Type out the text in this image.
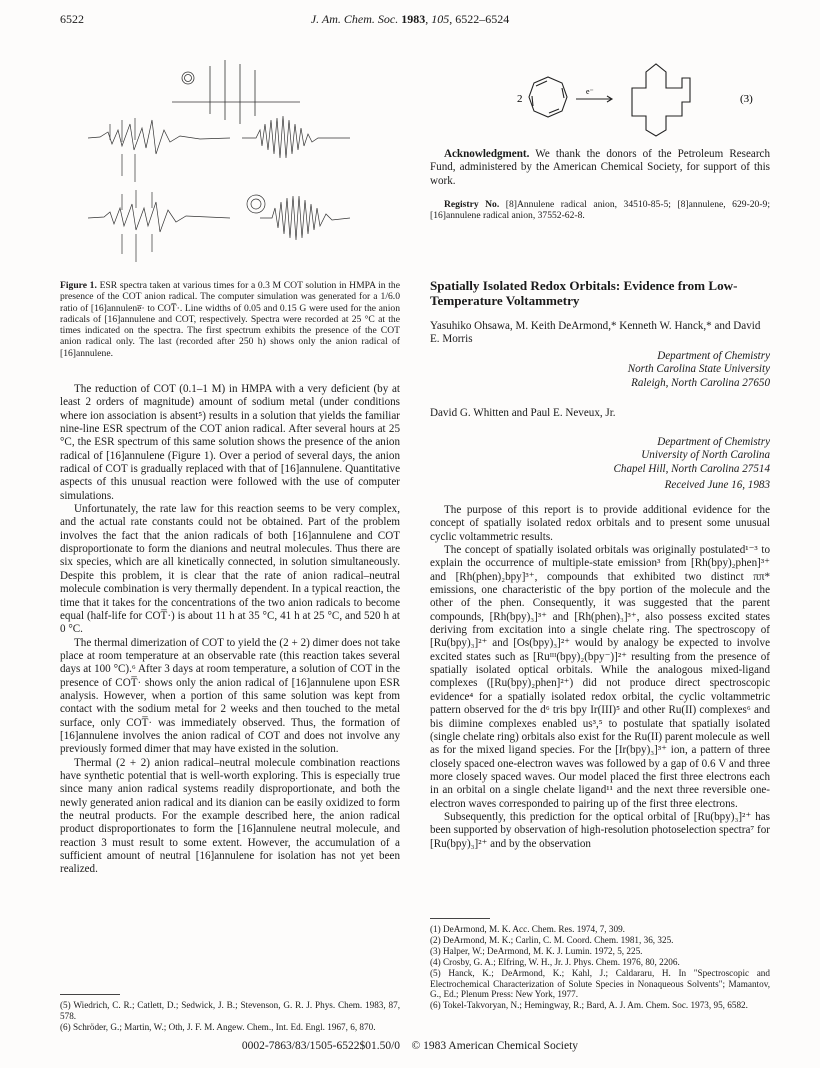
6522	J. Am. Chem. Soc. 1983, 105, 6522–6524
Figure 1. ESR spectra taken at various times for a 0.3 M COT solution in HMPA in the presence of the COT anion radical. The computer simulation was generated for a 1/6.0 ratio of [16]annulene̅· to COT̅·. Line widths of 0.05 and 0.15 G were used for the anion radicals of [16]annulene and COT, respectively. Spectra were recorded at 25 °C at the times indicated on the spectra. The first spectrum exhibits the presence of the COT anion radical only. The last (recorded after 250 h) shows only the anion radical of [16]annulene.

The reduction of COT (0.1–1 M) in HMPA with a very deficient (by at least 2 orders of magnitude) amount of sodium metal (under conditions where ion association is absent⁵) results in a solution that yields the familiar nine-line ESR spectrum of the COT anion radical. After several hours at 25 °C, the ESR spectrum of this same solution shows the presence of the anion radical of [16]annulene (Figure 1). Over a period of several days, the anion radical of COT is gradually replaced with that of [16]annulene. Quantitative aspects of this unusual reaction were followed with the use of computer simulations.

Unfortunately, the rate law for this reaction seems to be very complex, and the actual rate constants could not be obtained. Part of the problem involves the fact that the anion radicals of both [16]annulene and COT disproportionate to form the dianions and neutral molecules. Thus there are six species, which are all kinetically connected, in solution simultaneously. Despite this problem, it is clear that the rate of anion radical–neutral molecule combination is very thermally dependent. In a typical reaction, the time that it takes for the concentrations of the two anion radicals to become equal (half-life for COT̅·) is about 11 h at 35 °C, 41 h at 25 °C, and 520 h at 0 °C.

The thermal dimerization of COT to yield the (2 + 2) dimer does not take place at room temperature at an observable rate (this reaction takes several days at 100 °C).⁶ After 3 days at room temperature, a solution of COT in the presence of COT̅· shows only the anion radical of [16]annulene upon ESR analysis. However, when a portion of this same solution was kept from contact with the sodium metal for 2 weeks and then touched to the metal surface, only COT̅· was immediately observed. Thus, the formation of [16]annulene involves the anion radical of COT and does not involve any previously formed dimer that may have existed in the solution.

Thermal (2 + 2) anion radical–neutral molecule combination reactions have synthetic potential that is well-worth exploring. This is especially true since many anion radical systems readily disproportionate, and both the newly generated anion radical and its dianion can be easily oxidized to form the neutral products. For the example described here, the anion radical product disproportionates to form the [16]annulene neutral molecule, and reaction 3 must result to some extent. However, the accumulation of a sufficient amount of neutral [16]annulene for isolation has not yet been realized.

(5) Wiedrich, C. R.; Catlett, D.; Sedwick, J. B.; Stevenson, G. R. J. Phys. Chem. 1983, 87, 578.
(6) Schröder, G.; Martin, W.; Oth, J. F. M. Angew. Chem., Int. Ed. Engl. 1967, 6, 870.
2
e⁻
(3)

Acknowledgment. We thank the donors of the Petroleum Research Fund, administered by the American Chemical Society, for support of this work.

Registry No. [8]Annulene radical anion, 34510-85-5; [8]annulene, 629-20-9; [16]annulene radical anion, 37552-62-8.

Spatially Isolated Redox Orbitals: Evidence from Low-Temperature Voltammetry
Yasuhiko Ohsawa, M. Keith DeArmond,* Kenneth W. Hanck,* and David E. Morris
Department of Chemistry
North Carolina State University
Raleigh, North Carolina 27650
David G. Whitten and Paul E. Neveux, Jr.
Department of Chemistry
University of North Carolina
Chapel Hill, North Carolina 27514
Received June 16, 1983

The purpose of this report is to provide additional evidence for the concept of spatially isolated redox orbitals and to present some unusual cyclic voltammetric results.

The concept of spatially isolated orbitals was originally postulated¹⁻³ to explain the occurrence of multiple-state emission³ from [Rh(bpy)₂phen]³⁺ and [Rh(phen)₂bpy]³⁺, compounds that exhibited two distinct ππ* emissions, one characteristic of the bpy portion of the molecule and the other of the phen. Consequently, it was suggested that the parent compounds, [Rh(bpy)₃]³⁺ and [Rh(phen)₃]³⁺, also possess excited states deriving from excitation into a single chelate ring. The spectroscopy of [Ru(bpy)₃]²⁺ and [Os(bpy)₃]²⁺ would by analogy be expected to involve excited states such as [Ruᴵᴵᴵ(bpy)₂(bpy⁻)]²⁺ resulting from the presence of spatially isolated optical orbitals. While the analogous mixed-ligand complexes ([Ru(bpy)₂phen]²⁺) did not produce direct spectroscopic evidence⁴ for a spatially isolated redox orbital, the cyclic voltammetric pattern observed for the d⁶ tris bpy Ir(III)⁵ and other Ru(II) complexes⁶ and bis diimine complexes enabled us³,⁵ to postulate that spatially isolated (single chelate ring) orbitals also exist for the Ru(II) parent molecule as well as for the mixed ligand species. For the [Ir(bpy)₃]³⁺ ion, a pattern of three closely spaced one-electron waves was followed by a gap of 0.6 V and three more closely spaced waves. Our model placed the first three electrons each in an orbital on a single chelate ligand¹¹ and the next three reversible one-electron waves corresponded to pairing up of the first three electrons.

Subsequently, this prediction for the optical orbital of [Ru(bpy)₃]²⁺ has been supported by observation of high-resolution photoselection spectra⁷ for [Ru(bpy)₃]²⁺ and by the observation

(1) DeArmond, M. K. Acc. Chem. Res. 1974, 7, 309.
(2) DeArmond, M. K.; Carlin, C. M. Coord. Chem. 1981, 36, 325.
(3) Halper, W.; DeArmond, M. K. J. Lumin. 1972, 5, 225.
(4) Crosby, G. A.; Elfring, W. H., Jr. J. Phys. Chem. 1976, 80, 2206.
(5) Hanck, K.; DeArmond, K.; Kahl, J.; Caldararu, H. In "Spectroscopic and Electrochemical Characterization of Solute Species in Nonaqueous Solvents"; Mamantov, G., Ed.; Plenum Press: New York, 1977.
(6) Tokel-Takvoryan, N.; Hemingway, R.; Bard, A. J. Am. Chem. Soc. 1973, 95, 6582.
0002-7863/83/1505-6522$01.50/0 © 1983 American Chemical Society
